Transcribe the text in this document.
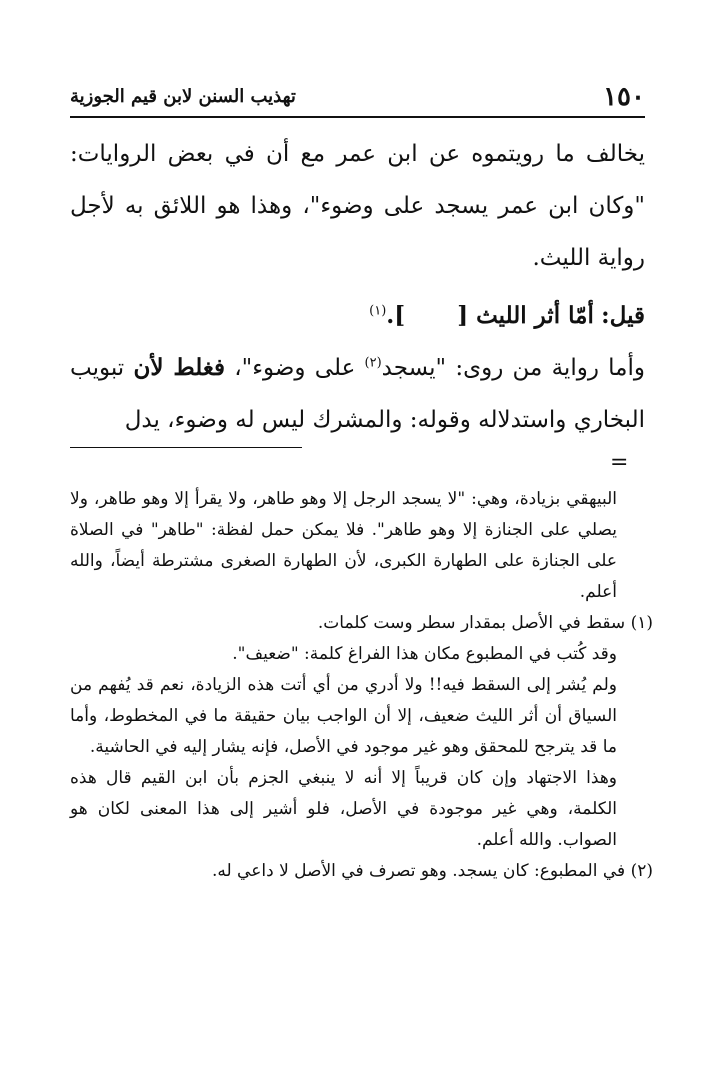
١٥٠
تهذيب السنن لابن قيم الجوزية

يخالف ما رويتموه عن ابن عمر مع أن في بعض الروايات: "وكان ابن عمر يسجد على وضوء"، وهذا هو اللائق به لأجل رواية الليث.

قيل: أمّا أثر الليث [].$^{(١)}$

وأما رواية من روى: "يسجد$^{(٢)}$ على وضوء"، فغلط لأن تبويب البخاري واستدلاله وقوله: والمشرك ليس له وضوء، يدل

=

البيهقي بزيادة، وهي: "لا يسجد الرجل إلا وهو طاهر، ولا يقرأ إلا وهو طاهر، ولا يصلي على الجنازة إلا وهو طاهر". فلا يمكن حمل لفظة: "طاهر" في الصلاة على الجنازة على الطهارة الكبرى، لأن الطهارة الصغرى مشترطة أيضاً، والله أعلم.

(١) سقط في الأصل بمقدار سطر وست كلمات.

وقد كُتب في المطبوع مكان هذا الفراغ كلمة: "ضعيف".

ولم يُشر إلى السقط فيه!! ولا أدري من أي أتت هذه الزيادة، نعم قد يُفهم من السياق أن أثر الليث ضعيف، إلا أن الواجب بيان حقيقة ما في المخطوط، وأما ما قد يترجح للمحقق وهو غير موجود في الأصل، فإنه يشار إليه في الحاشية.

وهذا الاجتهاد وإن كان قريباً إلا أنه لا ينبغي الجزم بأن ابن القيم قال هذه الكلمة، وهي غير موجودة في الأصل، فلو أشير إلى هذا المعنى لكان هو الصواب. والله أعلم.

(٢) في المطبوع: كان يسجد. وهو تصرف في الأصل لا داعي له.
